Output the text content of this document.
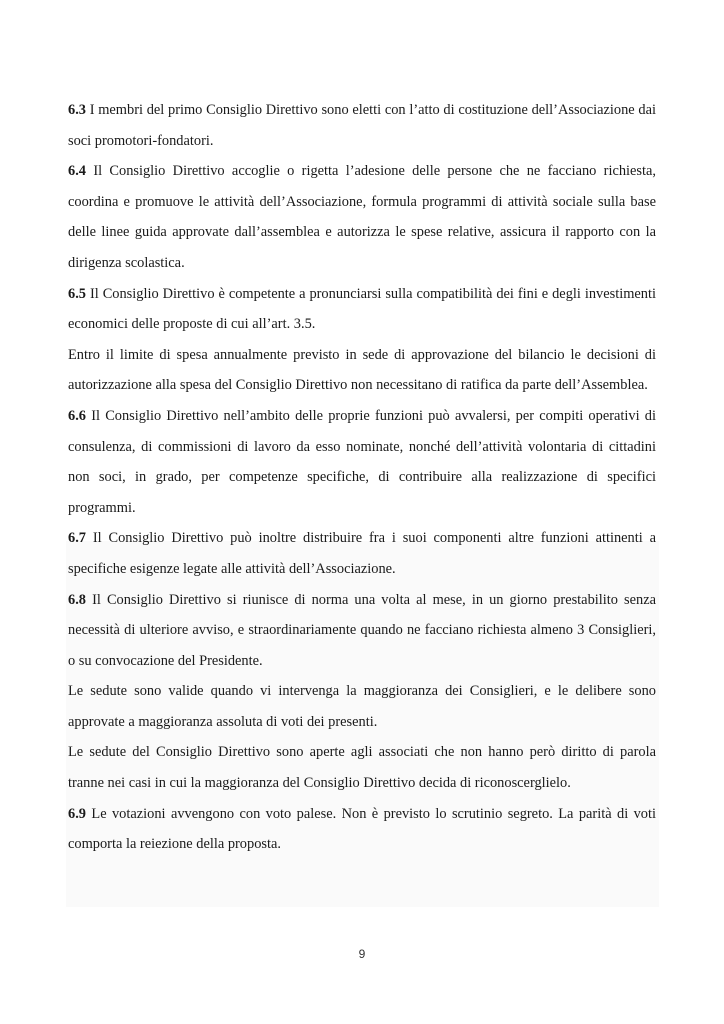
6.3 I membri del primo Consiglio Direttivo sono eletti con l’atto di costituzione dell’Associazione dai soci promotori-fondatori.

6.4 Il Consiglio Direttivo accoglie o rigetta l’adesione delle persone che ne facciano richiesta, coordina e promuove le attività dell’Associazione, formula programmi di attività sociale sulla base delle linee guida approvate dall’assemblea e autorizza le spese relative, assicura il rapporto con la dirigenza scolastica.

6.5 Il Consiglio Direttivo è competente a pronunciarsi sulla compatibilità dei fini e degli investimenti economici delle proposte di cui all’art. 3.5.

Entro il limite di spesa annualmente previsto in sede di approvazione del bilancio le decisioni di autorizzazione alla spesa del Consiglio Direttivo non necessitano di ratifica da parte dell’Assemblea.

6.6 Il Consiglio Direttivo nell’ambito delle proprie funzioni può avvalersi, per compiti operativi di consulenza, di commissioni di lavoro da esso nominate, nonché dell’attività volontaria di cittadini non soci, in grado, per competenze specifiche, di contribuire alla realizzazione di specifici programmi.

6.7 Il Consiglio Direttivo può inoltre distribuire fra i suoi componenti altre funzioni attinenti a specifiche esigenze legate alle attività dell’Associazione.

6.8 Il Consiglio Direttivo si riunisce di norma una volta al mese, in un giorno prestabilito senza necessità di ulteriore avviso, e straordinariamente quando ne facciano richiesta almeno 3 Consiglieri, o su convocazione del Presidente.

Le sedute sono valide quando vi intervenga la maggioranza dei Consiglieri, e le delibere sono approvate a maggioranza assoluta di voti dei presenti.

Le sedute del Consiglio Direttivo sono aperte agli associati che non hanno però diritto di parola tranne nei casi in cui la maggioranza del Consiglio Direttivo decida di riconoscerglielo.

6.9 Le votazioni avvengono con voto palese. Non è previsto lo scrutinio segreto. La parità di voti comporta la reiezione della proposta.

9
